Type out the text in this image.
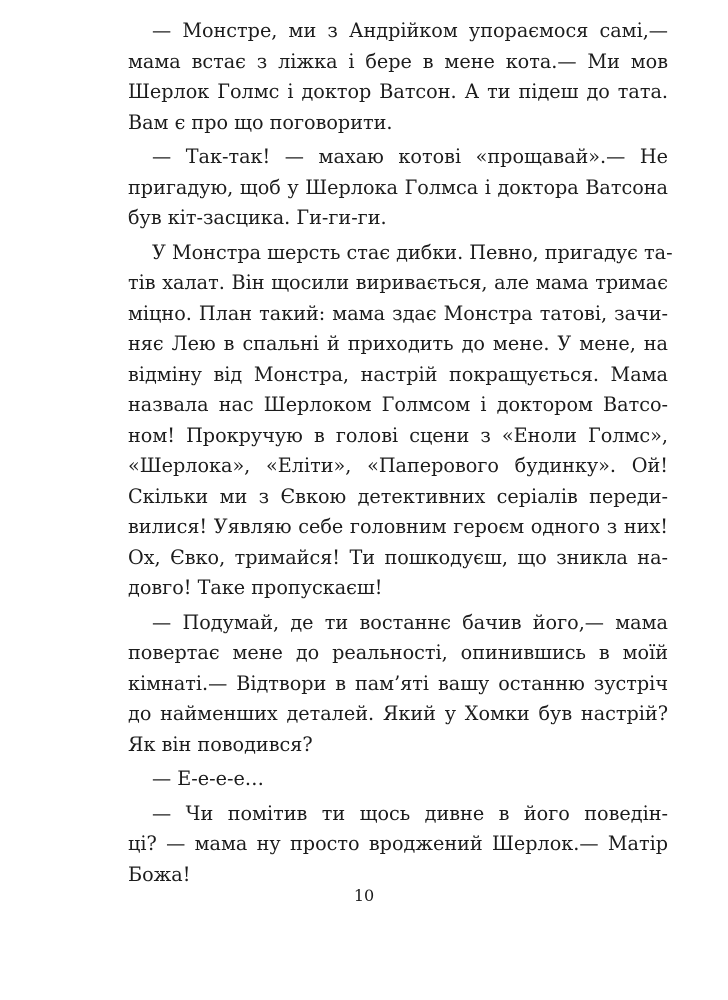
— Монстре, ми з Андрійком упораємося самі,—
мама встає з ліжка і бере в мене кота.— Ми мов
Шерлок Голмс і доктор Ватсон. А ти підеш до тата.
Вам є про що поговорити.
— Так-так! — махаю котові «прощавай».— Не
пригадую, щоб у Шерлока Голмса і доктора Ватсона
був кіт-засцика. Ги-ги-ги.
У Монстра шерсть стає дибки. Певно, пригадує та-
тів халат. Він щосили виривається, але мама тримає
міцно. План такий: мама здає Монстра татові, зачи-
няє Лею в спальні й приходить до мене. У мене, на
відміну від Монстра, настрій покращується. Мама
назвала нас Шерлоком Голмсом і доктором Ватсо-
ном! Прокручую в голові сцени з «Еноли Голмс»,
«Шерлока», «Еліти», «Паперового будинку». Ой!
Скільки ми з Євкою детективних серіалів переди-
вилися! Уявляю себе головним героєм одного з них!
Ох, Євко, тримайся! Ти пошкодуєш, що зникла на-
довго! Таке пропускаєш!
— Подумай, де ти востаннє бачив його,— мама
повертає мене до реальності, опинившись в моїй
кімнаті.— Відтвори в пам’яті вашу останню зустріч
до найменших деталей. Який у Хомки був настрій?
Як він поводився?
— Е-е-е-е…
— Чи помітив ти щось дивне в його поведін-
ці? — мама ну просто вроджений Шерлок.— Матір
Божа!
10
